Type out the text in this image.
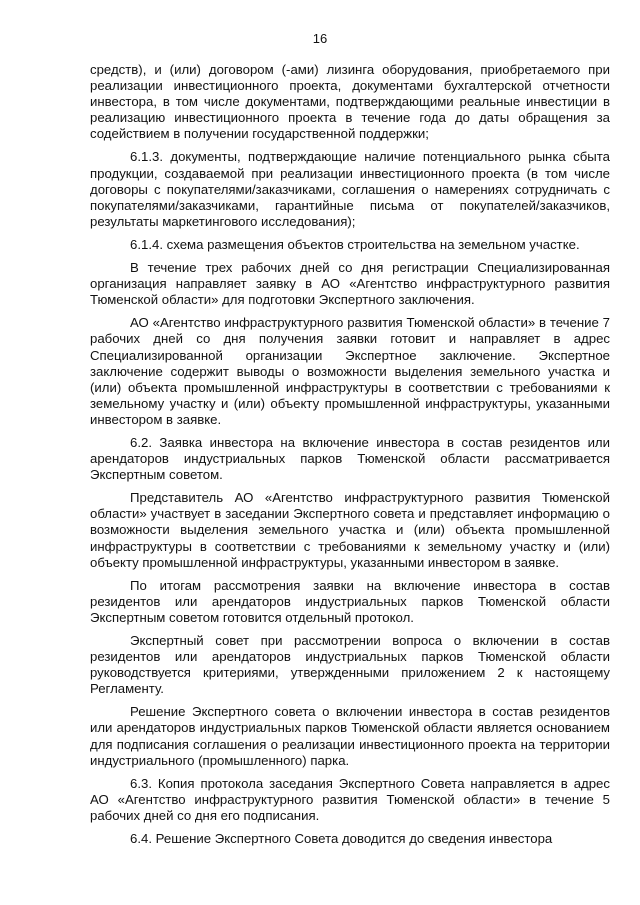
16

средств), и (или) договором (-ами) лизинга оборудования, приобретаемого при реализации инвестиционного проекта, документами бухгалтерской отчетности инвестора, в том числе документами, подтверждающими реальные инвестиции в реализацию инвестиционного проекта в течение года до даты обращения за содействием в получении государственной поддержки;

6.1.3. документы, подтверждающие наличие потенциального рынка сбыта продукции, создаваемой при реализации инвестиционного проекта (в том числе договоры с покупателями/заказчиками, соглашения о намерениях сотрудничать с покупателями/заказчиками, гарантийные письма от покупателей/заказчиков, результаты маркетингового исследования);

6.1.4. схема размещения объектов строительства на земельном участке.

В течение трех рабочих дней со дня регистрации Специализированная организация направляет заявку в АО «Агентство инфраструктурного развития Тюменской области» для подготовки Экспертного заключения.

АО «Агентство инфраструктурного развития Тюменской области» в течение 7 рабочих дней со дня получения заявки готовит и направляет в адрес Специализированной организации Экспертное заключение. Экспертное заключение содержит выводы о возможности выделения земельного участка и (или) объекта промышленной инфраструктуры в соответствии с требованиями к земельному участку и (или) объекту промышленной инфраструктуры, указанными инвестором в заявке.

6.2. Заявка инвестора на включение инвестора в состав резидентов или арендаторов индустриальных парков Тюменской области рассматривается Экспертным советом.

Представитель АО «Агентство инфраструктурного развития Тюменской области» участвует в заседании Экспертного совета и представляет информацию о возможности выделения земельного участка и (или) объекта промышленной инфраструктуры в соответствии с требованиями к земельному участку и (или) объекту промышленной инфраструктуры, указанными инвестором в заявке.

По итогам рассмотрения заявки на включение инвестора в состав резидентов или арендаторов индустриальных парков Тюменской области Экспертным советом готовится отдельный протокол.

Экспертный совет при рассмотрении вопроса о включении в состав резидентов или арендаторов индустриальных парков Тюменской области руководствуется критериями, утвержденными приложением 2 к настоящему Регламенту.

Решение Экспертного совета о включении инвестора в состав резидентов или арендаторов индустриальных парков Тюменской области является основанием для подписания соглашения о реализации инвестиционного проекта на территории индустриального (промышленного) парка.

6.3. Копия протокола заседания Экспертного Совета направляется в адрес АО «Агентство инфраструктурного развития Тюменской области» в течение 5 рабочих дней со дня его подписания.

6.4. Решение Экспертного Совета доводится до сведения инвестора
